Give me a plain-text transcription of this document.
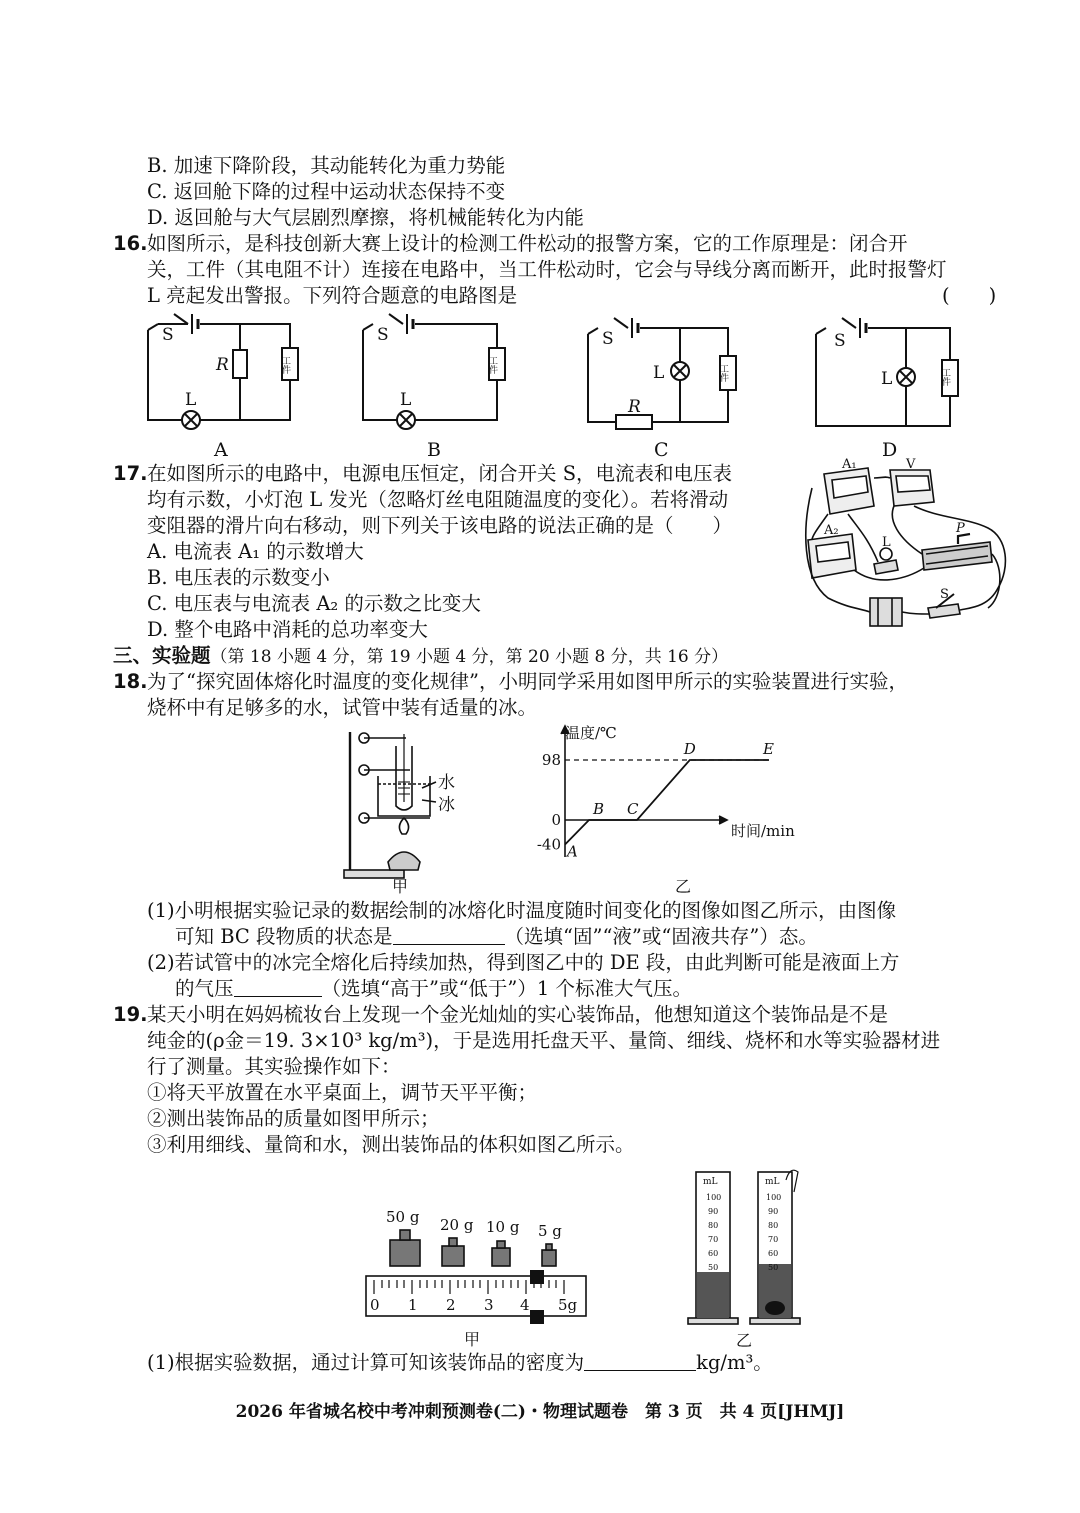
B. 加速下降阶段，其动能转化为重力势能
C. 返回舱下降的过程中运动状态保持不变
D. 返回舱与大气层剧烈摩擦，将机械能转化为内能
16. 如图所示，是科技创新大赛上设计的检测工件松动的报警方案，它的工作原理是：闭合开
关，工件（其电阻不计）连接在电路中，当工件松动时，它会与导线分离而断开，此时报警灯
L 亮起发出警报。下列符合题意的电路图是	(　　)
S
R
L
工件
A
S
L
工件
B
S
L
R
工件
C
S
L	工件
D
17. 在如图所示的电路中，电源电压恒定，闭合开关 S，电流表和电压表
均有示数，小灯泡 L 发光（忽略灯丝电阻随温度的变化）。若将滑动
变阻器的滑片向右移动，则下列关于该电路的说法正确的是（　　）
A. 电流表 A₁ 的示数增大
B. 电压表的示数变小
C. 电压表与电流表 A₂ 的示数之比变大
D. 整个电路中消耗的总功率变大
A₁	V
A₂
L
P
S
三、实验题（第 18 小题 4 分，第 19 小题 4 分，第 20 小题 8 分，共 16 分）
18. 为了“探究固体熔化时温度的变化规律”，小明同学采用如图甲所示的实验装置进行实验，
烧杯中有足够多的水，试管中装有适量的冰。
水
冰
甲
A
B C
D	E
98
0
-40
温度/℃
时间/min
乙
(1)小明根据实验记录的数据绘制的冰熔化时温度随时间变化的图像如图乙所示，由图像
可知 BC 段物质的状态是	（选填“固”“液”或“固液共存”）态。
(2)若试管中的冰完全熔化后持续加热，得到图乙中的 DE 段，由此判断可能是液面上方
的气压	（选填“高于”或“低于”）1 个标准大气压。
19. 某天小明在妈妈梳妆台上发现一个金光灿灿的实心装饰品，他想知道这个装饰品是不是
纯金的(ρ金＝19. 3×10³ kg/m³)，于是选用托盘天平、量筒、细线、烧杯和水等实验器材进
行了测量。其实验操作如下：
①将天平放置在水平桌面上，调节天平平衡；
②测出装饰品的质量如图甲所示；
③利用细线、量筒和水，测出装饰品的体积如图乙所示。
50 g 20 g 10 g 5 g
0 1 2 3 4 5g
甲
mL	mL
100
90
80
70
60
50
100
90
80
70
60
50
乙
(1)根据实验数据，通过计算可知该装饰品的密度为	kg/m³。
2026 年省城名校中考冲刺预测卷(二)・物理试题卷　第 3 页　共 4 页[JHMJ]
